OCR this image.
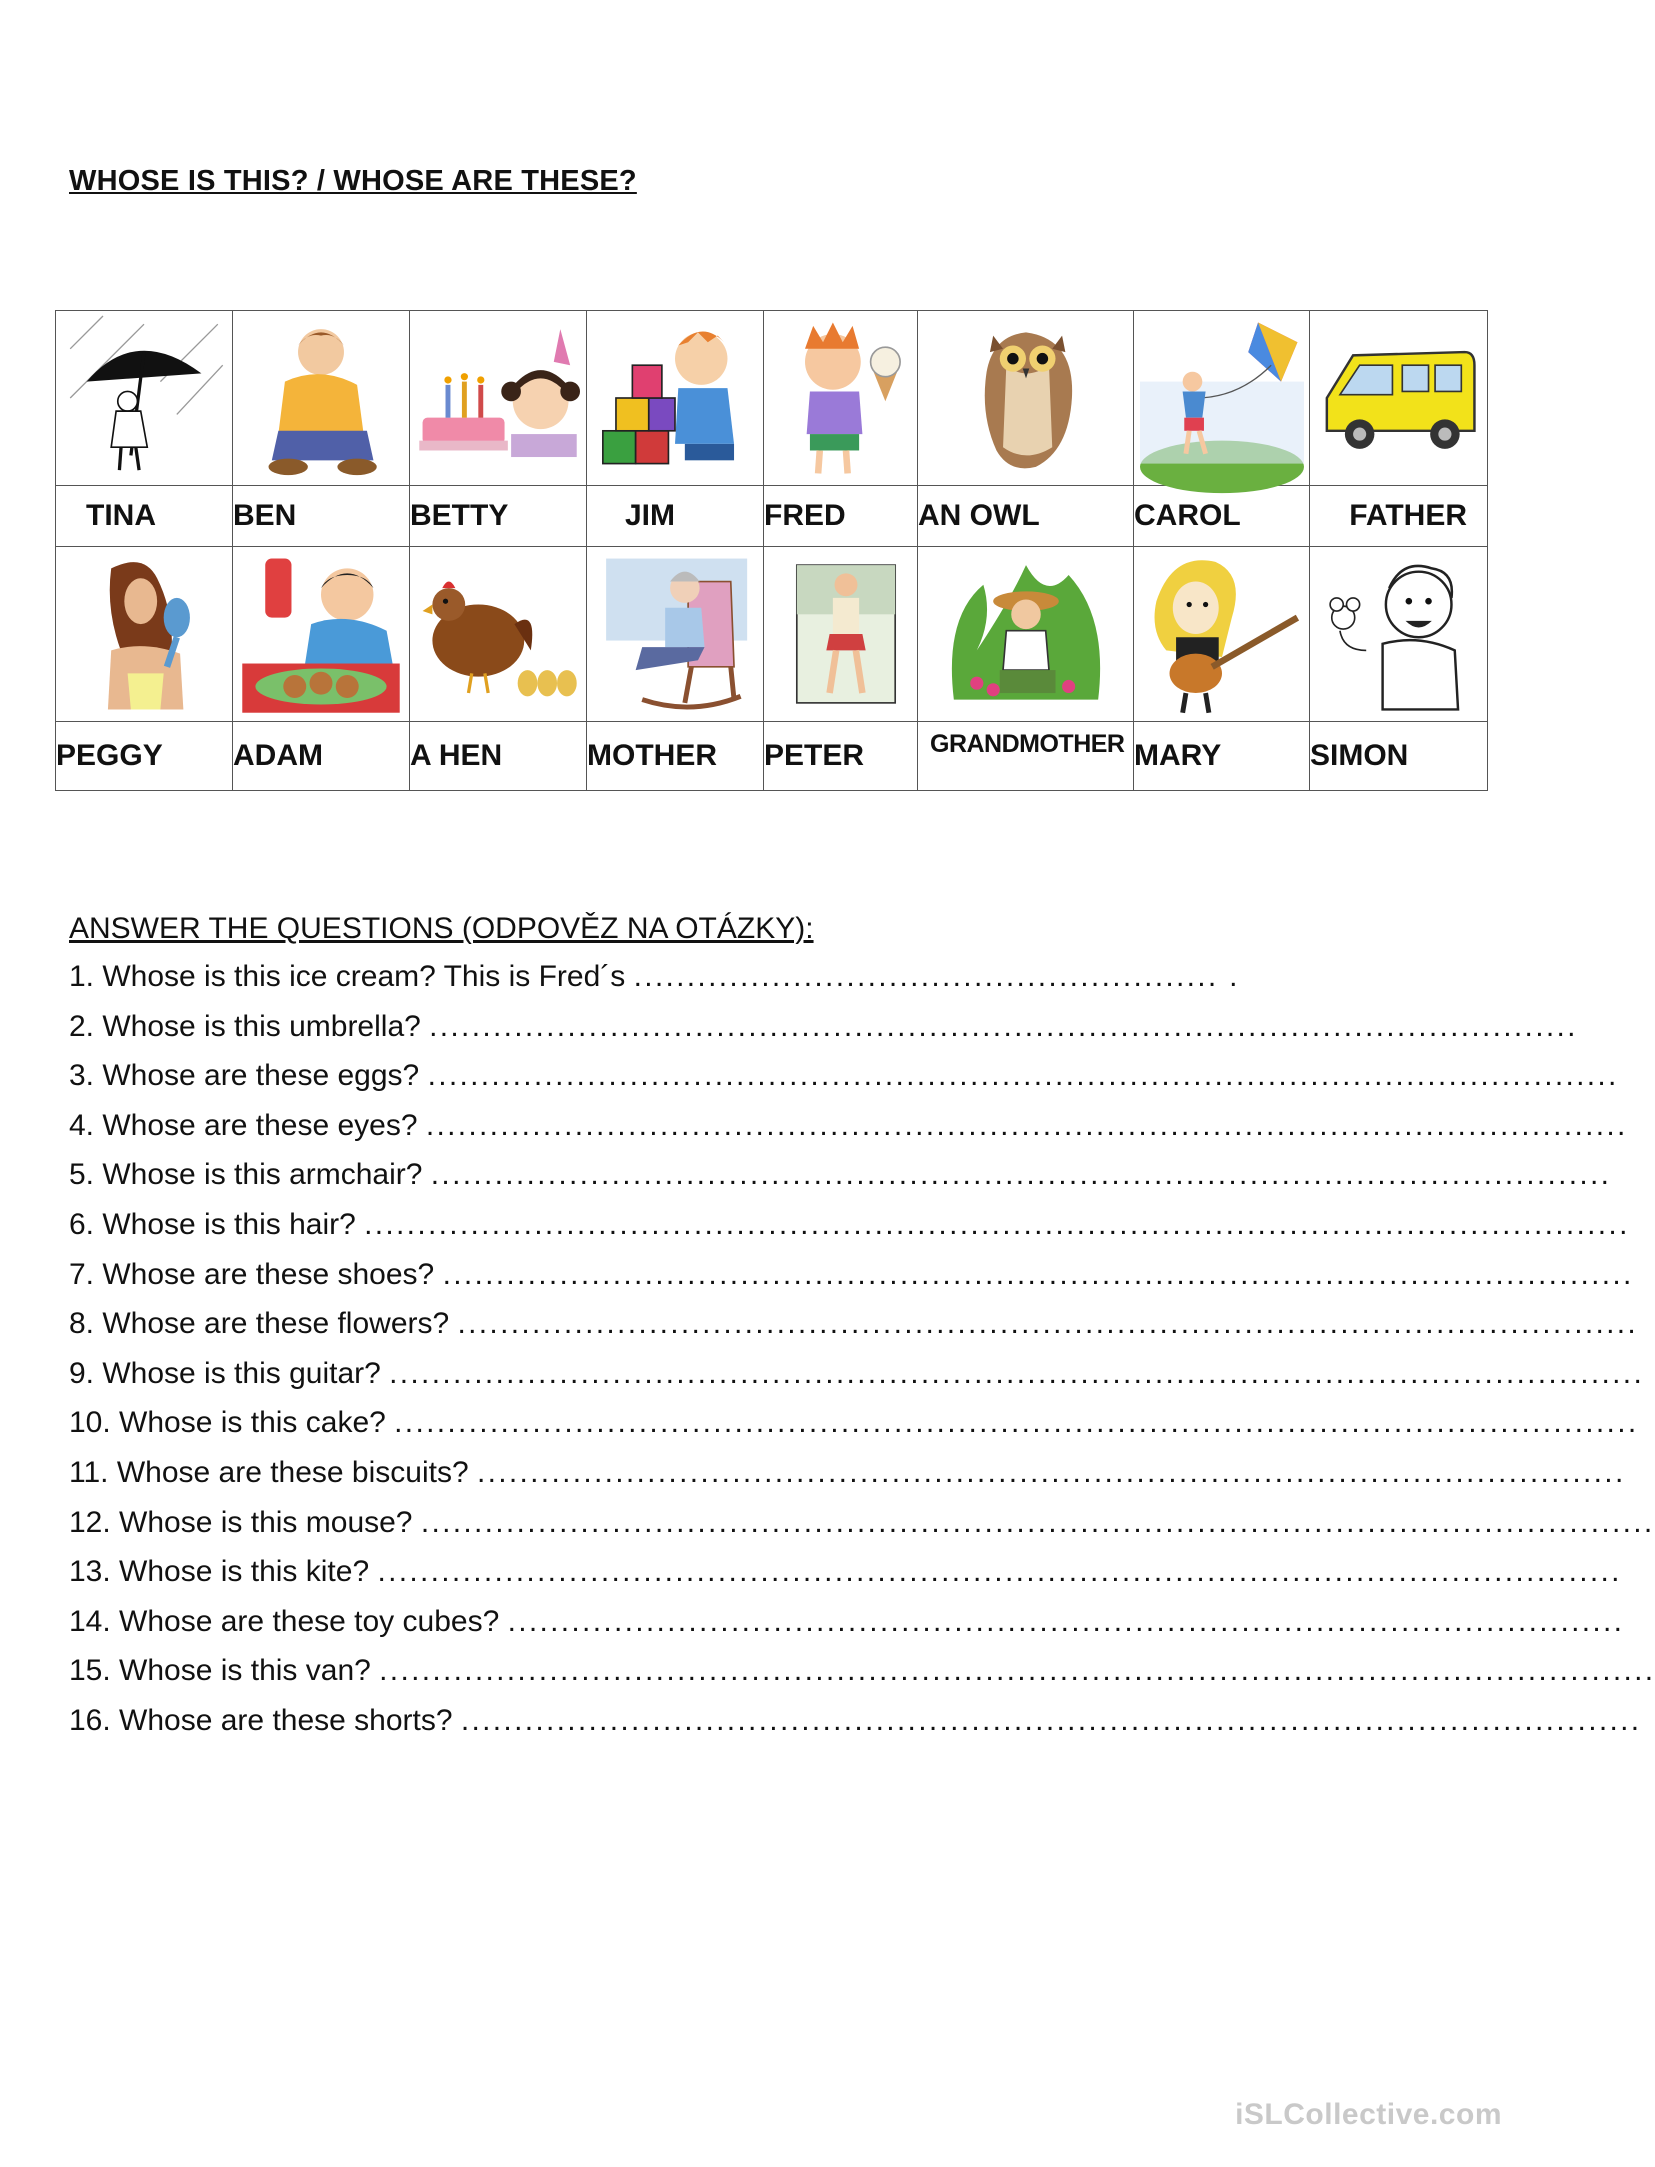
WHOSE IS THIS? / WHOSE ARE THESE?

TINA	BEN	BETTY	JIM	FRED	AN OWL	CAROL	FATHER

PEGGY	ADAM	A HEN	MOTHER	PETER	GRANDMOTHER	MARY	SIMON
ANSWER THE QUESTIONS (ODPOVĚZ NA OTÁZKY):
1. Whose is this ice cream? This is Fred´s ....................................................... .
2. Whose is this umbrella? ............................................................................................................
3. Whose are these eggs? ................................................................................................................
4. Whose are these eyes? .................................................................................................................
5. Whose is this armchair? ...............................................................................................................
6. Whose is this hair? .......................................................................................................................
7. Whose are these shoes? ................................................................................................................
8. Whose are these flowers? ...............................................................................................................
9. Whose is this guitar? ......................................................................................................................
10. Whose is this cake? .....................................................................................................................
11. Whose are these biscuits? ............................................................................................................
12. Whose is this mouse? ....................................................................................................................
13. Whose is this kite? .....................................................................................................................
14. Whose are these toy cubes? .........................................................................................................
15. Whose is this van? ........................................................................................................................
16. Whose are these shorts? ...............................................................................................................
iSLCollective.com
